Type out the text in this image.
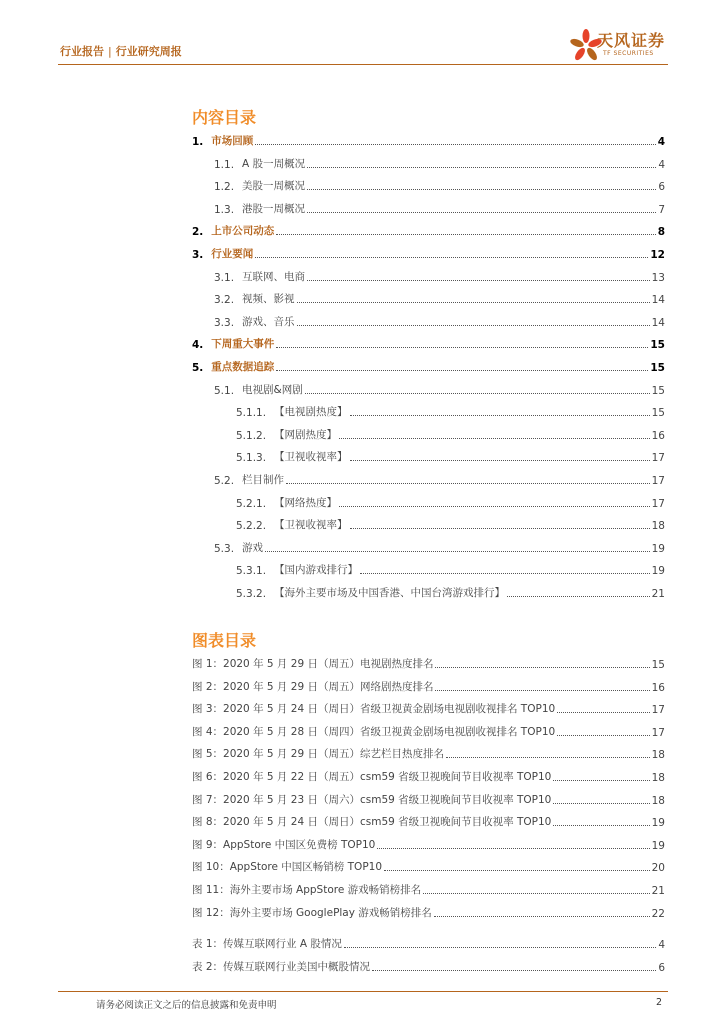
行业报告 | 行业研究周报
天风证券
TF SECURITIES
内容目录
1. 市场回顾	4
1.1. A 股一周概况	4
1.2. 美股一周概况	6
1.3. 港股一周概况	7
2. 上市公司动态	8
3. 行业要闻	12
3.1. 互联网、电商	13
3.2. 视频、影视	14
3.3. 游戏、音乐	14
4. 下周重大事件	15
5. 重点数据追踪	15
5.1. 电视剧&网剧	15
5.1.1. 【电视剧热度】	15
5.1.2. 【网剧热度】	16
5.1.3. 【卫视收视率】	17
5.2. 栏目制作	17
5.2.1. 【网络热度】	17
5.2.2. 【卫视收视率】	18
5.3. 游戏	19
5.3.1. 【国内游戏排行】	19
5.3.2. 【海外主要市场及中国香港、中国台湾游戏排行】	21
图表目录
图 1：2020 年 5 月 29 日（周五）电视剧热度排名	15
图 2：2020 年 5 月 29 日（周五）网络剧热度排名	16
图 3：2020 年 5 月 24 日（周日）省级卫视黄金剧场电视剧收视排名 TOP10	17
图 4：2020 年 5 月 28 日（周四）省级卫视黄金剧场电视剧收视排名 TOP10	17
图 5：2020 年 5 月 29 日（周五）综艺栏目热度排名	18
图 6：2020 年 5 月 22 日（周五）csm59 省级卫视晚间节目收视率 TOP10	18
图 7：2020 年 5 月 23 日（周六）csm59 省级卫视晚间节目收视率 TOP10	18
图 8：2020 年 5 月 24 日（周日）csm59 省级卫视晚间节目收视率 TOP10	19
图 9：AppStore 中国区免费榜 TOP10	19
图 10：AppStore 中国区畅销榜 TOP10	20
图 11：海外主要市场 AppStore 游戏畅销榜排名	21
图 12：海外主要市场 GooglePlay 游戏畅销榜排名	22
表 1：传媒互联网行业 A 股情况	4
表 2：传媒互联网行业美国中概股情况	6
请务必阅读正文之后的信息披露和免责申明	2
